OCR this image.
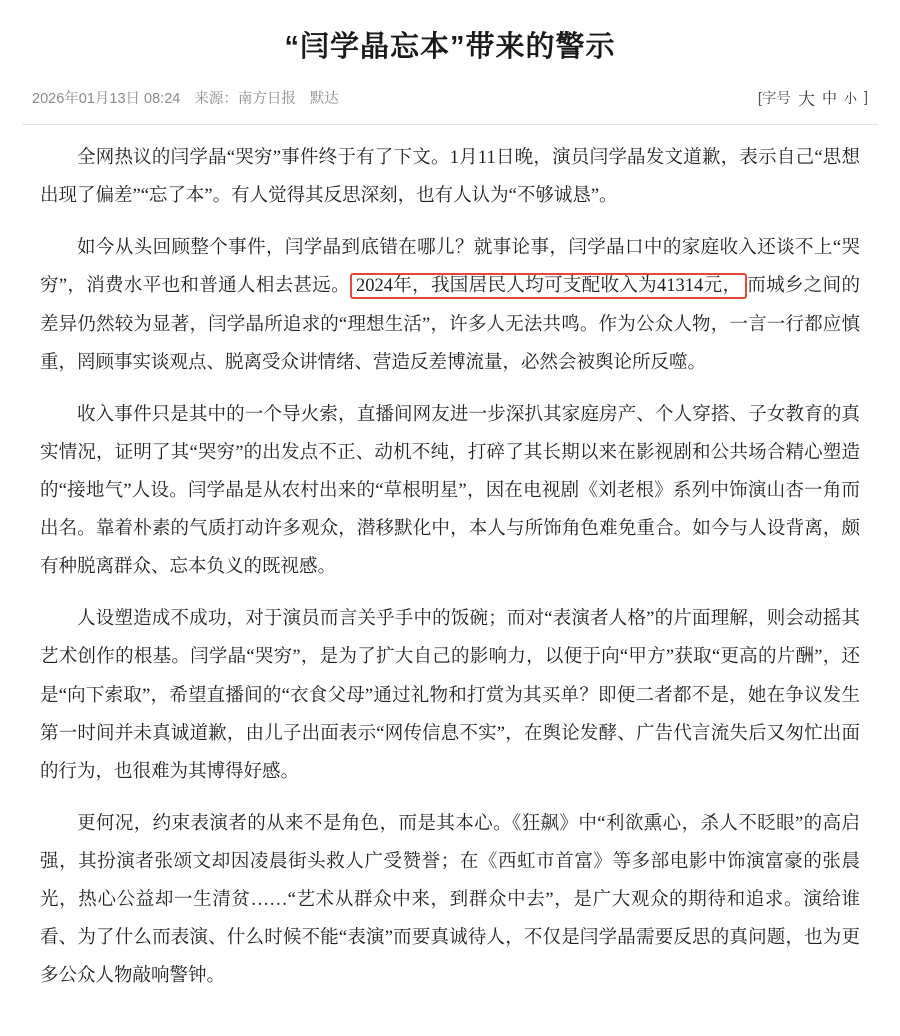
“闫学晶忘本”带来的警示
2026年01月13日 08:24 来源：南方日报 默达	[字号 大 中 小 ]

全网热议的闫学晶“哭穷”事件终于有了下文。1月11日晚，演员闫学晶发文道歉，表示自己“思想出现了偏差”“忘了本”。有人觉得其反思深刻，也有人认为“不够诚恳”。

如今从头回顾整个事件，闫学晶到底错在哪儿？就事论事，闫学晶口中的家庭收入还谈不上“哭穷”，消费水平也和普通人相去甚远。 2024年，我国居民人均可支配收入为41314元， 而城乡之间的差异仍然较为显著，闫学晶所追求的“理想生活”，许多人无法共鸣。作为公众人物，一言一行都应慎重，罔顾事实谈观点、脱离受众讲情绪、营造反差博流量，必然会被舆论所反噬。

收入事件只是其中的一个导火索，直播间网友进一步深扒其家庭房产、个人穿搭、子女教育的真实情况，证明了其“哭穷”的出发点不正、动机不纯，打碎了其长期以来在影视剧和公共场合精心塑造的“接地气”人设。闫学晶是从农村出来的“草根明星”，因在电视剧《刘老根》系列中饰演山杏一角而出名。靠着朴素的气质打动许多观众，潜移默化中，本人与所饰角色难免重合。如今与人设背离，颇有种脱离群众、忘本负义的既视感。

人设塑造成不成功，对于演员而言关乎手中的饭碗；而对“表演者人格”的片面理解，则会动摇其艺术创作的根基。闫学晶“哭穷”，是为了扩大自己的影响力，以便于向“甲方”获取“更高的片酬”，还是“向下索取”，希望直播间的“衣食父母”通过礼物和打赏为其买单？即便二者都不是，她在争议发生第一时间并未真诚道歉，由儿子出面表示“网传信息不实”，在舆论发酵、广告代言流失后又匆忙出面的行为，也很难为其博得好感。

更何况，约束表演者的从来不是角色，而是其本心。《狂飙》中“利欲熏心，杀人不眨眼”的高启强，其扮演者张颂文却因凌晨街头救人广受赞誉；在《西虹市首富》等多部电影中饰演富豪的张晨光，热心公益却一生清贫……“艺术从群众中来，到群众中去”，是广大观众的期待和追求。演给谁看、为了什么而表演、什么时候不能“表演”而要真诚待人，不仅是闫学晶需要反思的真问题，也为更多公众人物敲响警钟。
